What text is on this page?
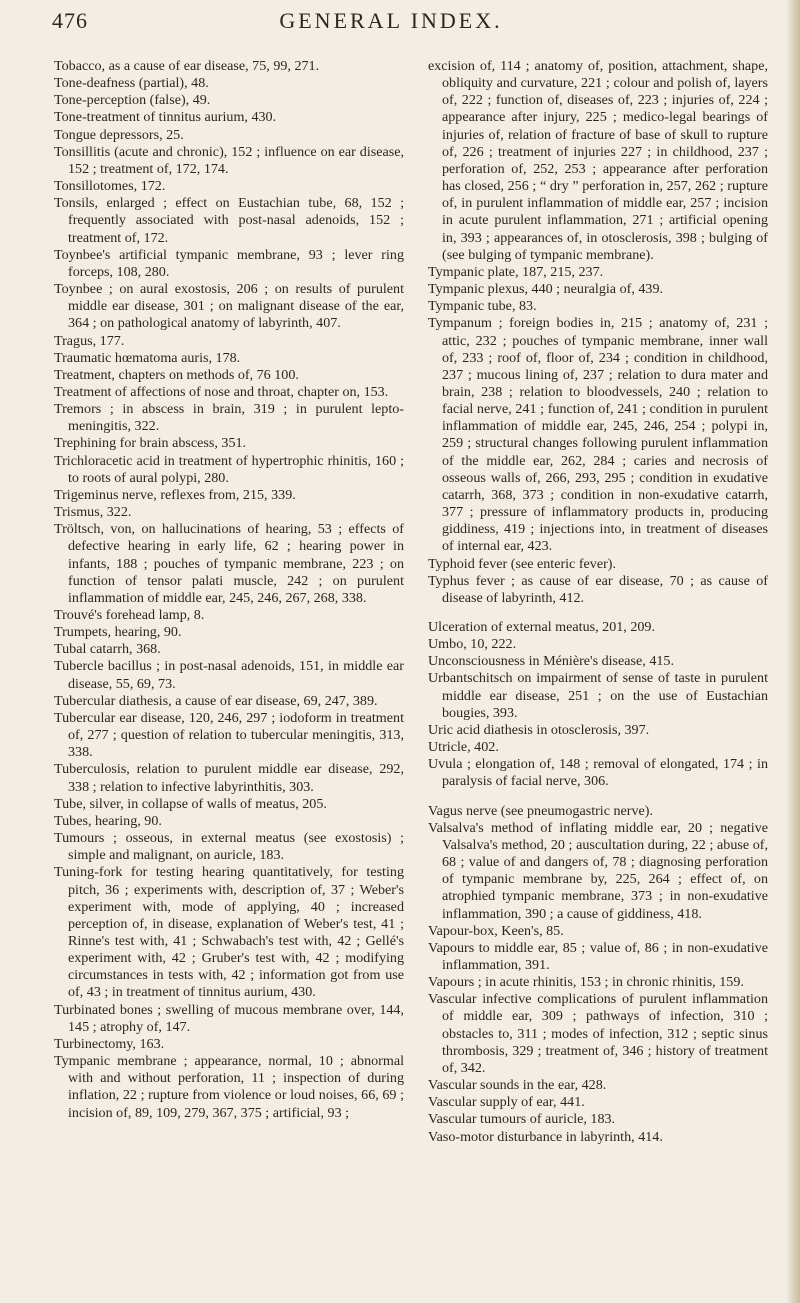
476	GENERAL INDEX.
Tobacco, as a cause of ear disease, 75, 99, 271.
Tone-deafness (partial), 48.
Tone-perception (false), 49.
Tone-treatment of tinnitus aurium, 430.
Tongue depressors, 25.
Tonsillitis (acute and chronic), 152 ; influence on ear disease, 152 ; treatment of, 172, 174.
Tonsillotomes, 172.
Tonsils, enlarged ; effect on Eustachian tube, 68, 152 ; frequently associated with post-nasal adenoids, 152 ; treatment of, 172.
Toynbee's artificial tympanic membrane, 93 ; lever ring forceps, 108, 280.
Toynbee ; on aural exostosis, 206 ; on results of purulent middle ear disease, 301 ; on malignant disease of the ear, 364 ; on pathological anatomy of labyrinth, 407.
Tragus, 177.
Traumatic hœmatoma auris, 178.
Treatment, chapters on methods of, 76 100.
Treatment of affections of nose and throat, chapter on, 153.
Tremors ; in abscess in brain, 319 ; in purulent lepto-meningitis, 322.
Trephining for brain abscess, 351.
Trichloracetic acid in treatment of hypertrophic rhinitis, 160 ; to roots of aural polypi, 280.
Trigeminus nerve, reflexes from, 215, 339.
Trismus, 322.
Tröltsch, von, on hallucinations of hearing, 53 ; effects of defective hearing in early life, 62 ; hearing power in infants, 188 ; pouches of tympanic membrane, 223 ; on function of tensor palati muscle, 242 ; on purulent inflammation of middle ear, 245, 246, 267, 268, 338.
Trouvé's forehead lamp, 8.
Trumpets, hearing, 90.
Tubal catarrh, 368.
Tubercle bacillus ; in post-nasal adenoids, 151, in middle ear disease, 55, 69, 73.
Tubercular diathesis, a cause of ear disease, 69, 247, 389.
Tubercular ear disease, 120, 246, 297 ; iodoform in treatment of, 277 ; question of relation to tubercular meningitis, 313, 338.
Tuberculosis, relation to purulent middle ear disease, 292, 338 ; relation to infective labyrinthitis, 303.
Tube, silver, in collapse of walls of meatus, 205.
Tubes, hearing, 90.
Tumours ; osseous, in external meatus (see exostosis) ; simple and malignant, on auricle, 183.
Tuning-fork for testing hearing quantitatively, for testing pitch, 36 ; experiments with, description of, 37 ; Weber's experiment with, mode of applying, 40 ; increased perception of, in disease, explanation of Weber's test, 41 ; Rinne's test with, 41 ; Schwabach's test with, 42 ; Gellé's experiment with, 42 ; Gruber's test with, 42 ; modifying circumstances in tests with, 42 ; information got from use of, 43 ; in treatment of tinnitus aurium, 430.
Turbinated bones ; swelling of mucous membrane over, 144, 145 ; atrophy of, 147.
Turbinectomy, 163.
Tympanic membrane ; appearance, normal, 10 ; abnormal with and without perforation, 11 ; inspection of during inflation, 22 ; rupture from violence or loud noises, 66, 69 ; incision of, 89, 109, 279, 367, 375 ; artificial, 93 ;
excision of, 114 ; anatomy of, position, attachment, shape, obliquity and curvature, 221 ; colour and polish of, layers of, 222 ; function of, diseases of, 223 ; injuries of, 224 ; appearance after injury, 225 ; medico-legal bearings of injuries of, relation of fracture of base of skull to rupture of, 226 ; treatment of injuries 227 ; in childhood, 237 ; perforation of, 252, 253 ; appearance after perforation has closed, 256 ; “ dry ” perforation in, 257, 262 ; rupture of, in purulent inflammation of middle ear, 257 ; incision in acute purulent inflammation, 271 ; artificial opening in, 393 ; appearances of, in otosclerosis, 398 ; bulging of (see bulging of tympanic membrane).
Tympanic plate, 187, 215, 237.
Tympanic plexus, 440 ; neuralgia of, 439.
Tympanic tube, 83.
Tympanum ; foreign bodies in, 215 ; anatomy of, 231 ; attic, 232 ; pouches of tympanic membrane, inner wall of, 233 ; roof of, floor of, 234 ; condition in childhood, 237 ; mucous lining of, 237 ; relation to dura mater and brain, 238 ; relation to bloodvessels, 240 ; relation to facial nerve, 241 ; function of, 241 ; condition in purulent inflammation of middle ear, 245, 246, 254 ; polypi in, 259 ; structural changes following purulent inflammation of the middle ear, 262, 284 ; caries and necrosis of osseous walls of, 266, 293, 295 ; condition in exudative catarrh, 368, 373 ; condition in non-exudative catarrh, 377 ; pressure of inflammatory products in, producing giddiness, 419 ; injections into, in treatment of diseases of internal ear, 423.
Typhoid fever (see enteric fever).
Typhus fever ; as cause of ear disease, 70 ; as cause of disease of labyrinth, 412.
Ulceration of external meatus, 201, 209.
Umbo, 10, 222.
Unconsciousness in Ménière's disease, 415.
Urbantschitsch on impairment of sense of taste in purulent middle ear disease, 251 ; on the use of Eustachian bougies, 393.
Uric acid diathesis in otosclerosis, 397.
Utricle, 402.
Uvula ; elongation of, 148 ; removal of elongated, 174 ; in paralysis of facial nerve, 306.
Vagus nerve (see pneumogastric nerve).
Valsalva's method of inflating middle ear, 20 ; negative Valsalva's method, 20 ; auscultation during, 22 ; abuse of, 68 ; value of and dangers of, 78 ; diagnosing perforation of tympanic membrane by, 225, 264 ; effect of, on atrophied tympanic membrane, 373 ; in non-exudative inflammation, 390 ; a cause of giddiness, 418.
Vapour-box, Keen's, 85.
Vapours to middle ear, 85 ; value of, 86 ; in non-exudative inflammation, 391.
Vapours ; in acute rhinitis, 153 ; in chronic rhinitis, 159.
Vascular infective complications of purulent inflammation of middle ear, 309 ; pathways of infection, 310 ; obstacles to, 311 ; modes of infection, 312 ; septic sinus thrombosis, 329 ; treatment of, 346 ; history of treatment of, 342.
Vascular sounds in the ear, 428.
Vascular supply of ear, 441.
Vascular tumours of auricle, 183.
Vaso-motor disturbance in labyrinth, 414.
